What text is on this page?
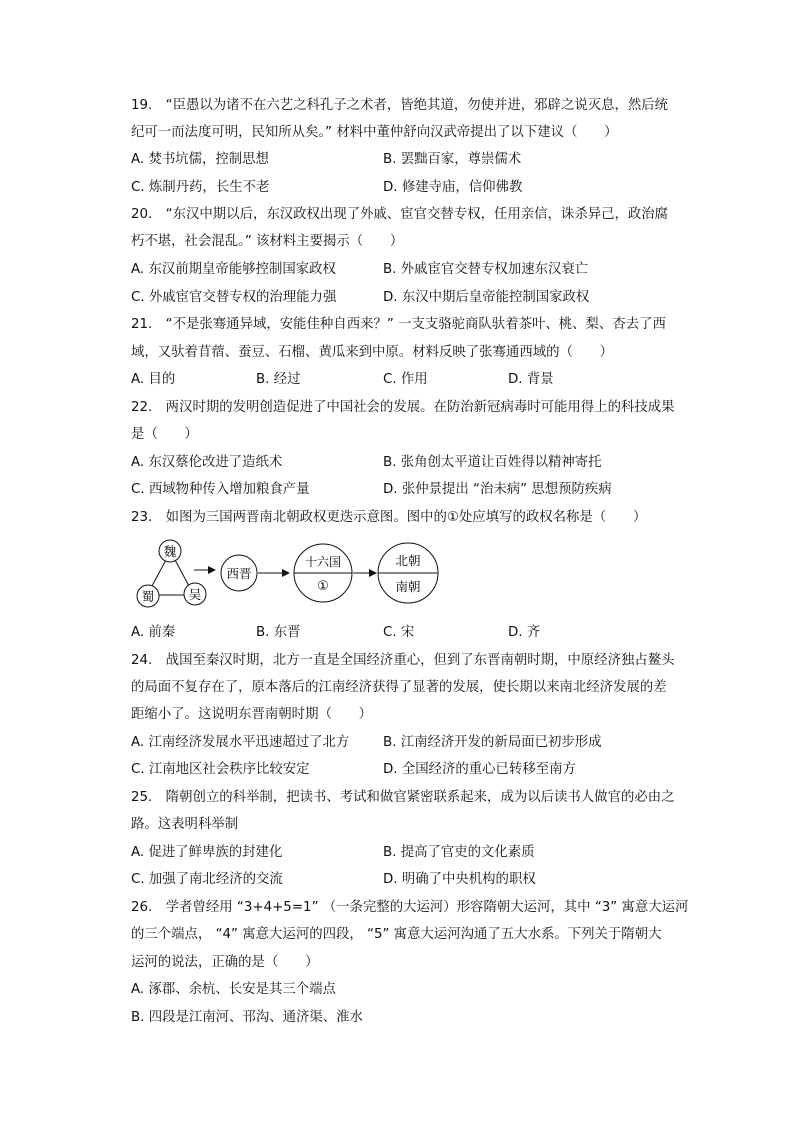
19.　“臣愚以为诸不在六艺之科孔子之术者，皆绝其道，勿使并进，邪辟之说灭息，然后统
纪可一而法度可明，民知所从矣。” 材料中董仲舒向汉武帝提出了以下建议（　　）
A. 焚书坑儒，控制思想	B. 罢黜百家，尊崇儒术
C. 炼制丹药，长生不老	D. 修建寺庙，信仰佛教
20.　“东汉中期以后，东汉政权出现了外戚、宦官交替专权，任用亲信，诛杀异己，政治腐
朽不堪，社会混乱。” 该材料主要揭示（　　）
A. 东汉前期皇帝能够控制国家政权	B. 外戚宦官交替专权加速东汉衰亡
C. 外戚宦官交替专权的治理能力强	D. 东汉中期后皇帝能控制国家政权
21.　“不是张骞通异域，安能佳种自西来？” 一支支骆驼商队驮着茶叶、桃、梨、杏去了西
域，又驮着苜蓿、蚕豆、石榴、黄瓜来到中原。材料反映了张骞通西域的（　　）
A. 目的	B. 经过	C. 作用	D. 背景
22.　两汉时期的发明创造促进了中国社会的发展。在防治新冠病毒时可能用得上的科技成果
是（　　）
A. 东汉蔡伦改进了造纸术	B. 张角创太平道让百姓得以精神寄托
C. 西域物种传入增加粮食产量	D. 张仲景提出 “治未病” 思想预防疾病
23.　如图为三国两晋南北朝政权更迭示意图。图中的①处应填写的政权名称是（　　）
魏
蜀	吴
西晋
十六国
①
北朝
南朝
A. 前秦	B. 东晋	C. 宋	D. 齐
24.　战国至秦汉时期，北方一直是全国经济重心，但到了东晋南朝时期，中原经济独占鳌头
的局面不复存在了，原本落后的江南经济获得了显著的发展，使长期以来南北经济发展的差
距缩小了。这说明东晋南朝时期（　　）
A. 江南经济发展水平迅速超过了北方	B. 江南经济开发的新局面已初步形成
C. 江南地区社会秩序比较安定	D. 全国经济的重心已转移至南方
25.　隋朝创立的科举制，把读书、考试和做官紧密联系起来，成为以后读书人做官的必由之
路。这表明科举制
A. 促进了鲜卑族的封建化	B. 提高了官吏的文化素质
C. 加强了南北经济的交流	D. 明确了中央机构的职权
26.　学者曾经用 “3+4+5=1” （一条完整的大运河）形容隋朝大运河，其中 “3” 寓意大运河
的三个端点， “4” 寓意大运河的四段， “5” 寓意大运河沟通了五大水系。下列关于隋朝大
运河的说法，正确的是（　　）
A. 涿郡、余杭、长安是其三个端点
B. 四段是江南河、邗沟、通济渠、淮水
